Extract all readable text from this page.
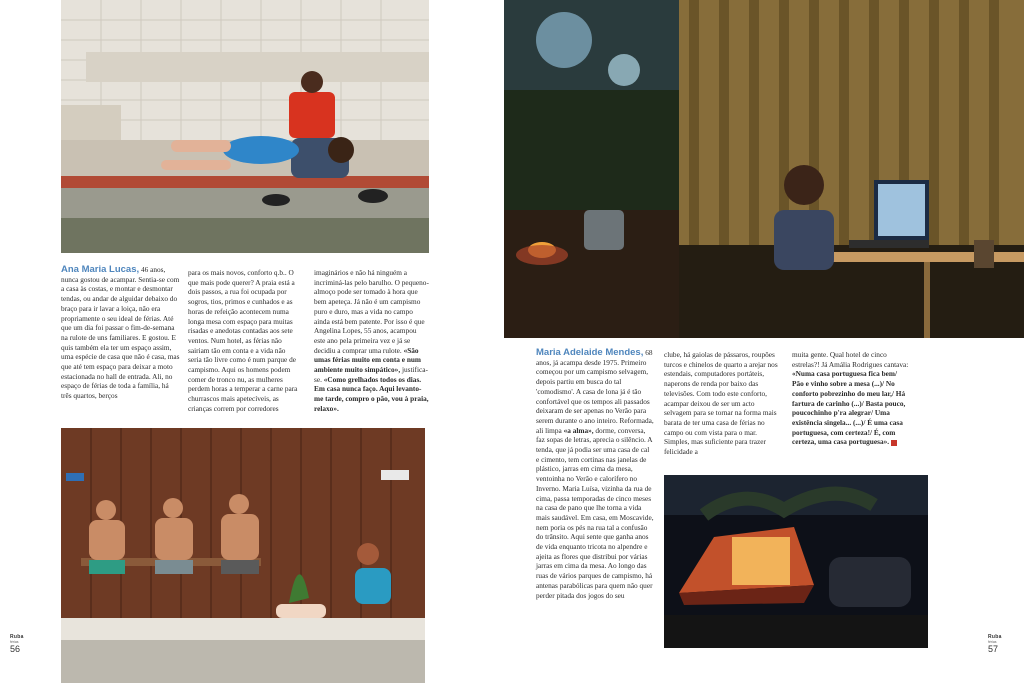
Ana Maria Lucas, 46 anos, nunca gostou de acampar. Sentia-se com a casa às costas, e montar e desmontar tendas, ou andar de alguidar debaixo do braço para ir lavar a loiça, não era propriamente o seu ideal de férias. Até que um dia foi passar o fim-de-semana na rulote de uns familiares. E gostou. E quis também ela ter um espaço assim, uma espécie de casa que não é casa, mas que até tem espaço para deixar a moto estacionada no hall de entrada. Ali, no espaço de férias de toda a família, há três quartos, berços

para os mais novos, conforto q.b.. O que mais pode querer? A praia está a dois passos, a rua foi ocupada por sogros, tios, primos e cunhados e as horas de refeição acontecem numa longa mesa com espaço para muitas risadas e anedotas contadas aos sete ventos. Num hotel, as férias não sairiam tão em conta e a vida não seria tão livre como é num parque de campismo. Aqui os homens podem comer de tronco nu, as mulheres perdem horas a temperar a carne para churrascos mais apetecíveis, as crianças correm por corredores

imaginários e não há ninguém a incriminá-las pelo barulho. O pequeno-almoço pode ser tomado à hora que bem apeteça. Já não é um campismo puro e duro, mas a vida no campo ainda está bem patente. Por isso é que Angelina Lopes, 55 anos, acampou este ano pela primeira vez e já se decidiu a comprar uma rulote. «São umas férias muito em conta e num ambiente muito simpático», justifica-se. «Como grelhados todos os dias. Em casa nunca faço. Aqui levanto-me tarde, compro o pão, vou à praia, relaxo».

Ruba
férias
56

Maria Adelaide Mendes, 68 anos, já acampa desde 1975. Primeiro começou por um campismo selvagem, depois partiu em busca do tal 'comodismo'. A casa de lona já é tão confortável que os tempos ali passados deixaram de ser apenas no Verão para serem durante o ano inteiro. Reformada, ali limpa «a alma», dorme, conversa, faz sopas de letras, aprecia o silêncio. A tenda, que já podia ser uma casa de cal e cimento, tem cortinas nas janelas de plástico, jarras em cima da mesa, ventoinha no Verão e calorífero no Inverno. Maria Luísa, vizinha da rua de cima, passa temporadas de cinco meses na casa de pano que lhe torna a vida mais saudável. Em casa, em Moscavide, nem poria os pés na rua tal a confusão do trânsito. Aqui sente que ganha anos de vida enquanto tricota no alpendre e ajeita as flores que distribui por várias jarras em cima da mesa. Ao longo das ruas de vários parques de campismo, há antenas parabólicas para quem não quer perder pitada dos jogos do seu

clube, há gaiolas de pássaros, roupões turcos e chinelos de quarto a arejar nos estendais, computadores portáteis, naperons de renda por baixo das televisões. Com todo este conforto, acampar deixou de ser um acto selvagem para se tornar na forma mais barata de ter uma casa de férias no campo ou com vista para o mar. Simples, mas suficiente para trazer felicidade a

muita gente. Qual hotel de cinco estrelas?! Já Amália Rodrigues cantava: «Numa casa portuguesa fica bem/ Pão e vinho sobre a mesa (...)/ No conforto pobrezinho do meu lar,/ Há fartura de carinho (...)/ Basta pouco, poucochinho p'ra alegrar/ Uma existência singela... (...)/ É uma casa portuguesa, com certeza!/ É, com certeza, uma casa portuguesa».

Ruba
férias
57
